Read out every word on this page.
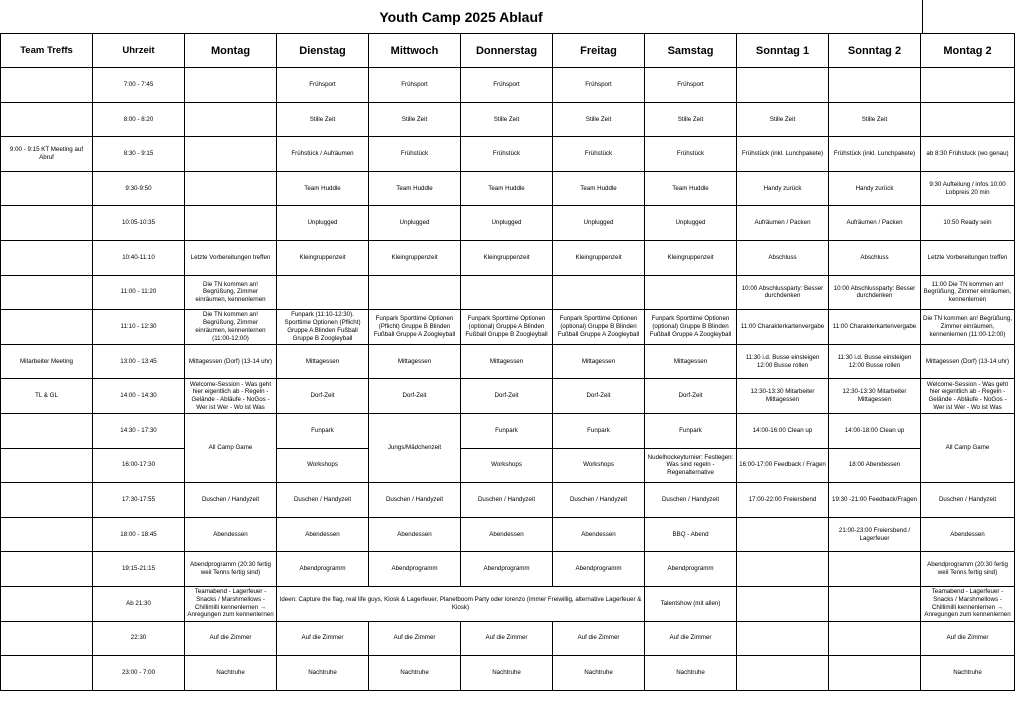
Youth Camp 2025 Ablauf
Team Treffs	Uhrzeit	Montag	Dienstag	Mittwoch	Donnerstag	Freitag	Samstag	Sonntag 1	Sonntag 2	Montag 2
	7:00 - 7:45		Frühsport	Frühsport	Frühsport	Frühsport	Frühsport			
	8:00 - 8:20		Stille Zeit	Stille Zeit	Stille Zeit	Stille Zeit	Stille Zeit	Stille Zeit	Stille Zeit	
9:00 - 9:15 KT Meeting auf Abruf	8:30 - 9:15		Frühstück / Aufräumen	Frühstück	Frühstück	Frühstück	Frühstück	Frühstück (inkl. Lunchpakete)	Frühstück (inkl. Lunchpakete)	ab 8:30 Frühstuck (wo genau)
	9:30-9:50		Team Huddle	Team Huddle	Team Huddle	Team Huddle	Team Huddle	Handy zurück	Handy zurück	9:30 Aufteilung / infos 10:00 Lobpreis 20 min
	10:05-10:35		Unplugged	Unplugged	Unplugged	Unplugged	Unplugged	Aufräumen / Packen	Aufräumen / Packen	10:50 Ready sein
	10:40-11:10	Letzte Vorbereitungen treffen	Kleingruppenzeit	Kleingruppenzeit	Kleingruppenzeit	Kleingruppenzeit	Kleingruppenzeit	Abschluss	Abschluss	Letzte Vorbereitungen treffen
	11:00 - 11:20	Die TN kommen an! Begrüßung, Zimmer einräumen, kennenlernen						10:00 Abschlussparty: Besser durchdenken	10:00 Abschlussparty: Besser durchdenken	11:00 Die TN kommen an! Begrüßung, Zimmer einräumen, kennenlernen
	11:10 - 12:30	Die TN kommen an! Begrüßung, Zimmer einräumen, kennenlernen (11:00-12:00)	Funpark (11:10-12:30). Sporttime Optionen (Pflicht) Gruppe A Blinden Fußball Gruppe B Zoogleyball	Funpark Sporttime Optionen (Pflicht) Gruppe B Blinden Fußball Gruppe A Zoogleyball	Funpark Sporttime Optionen (optional) Gruppe A Blinden Fußball Gruppe B Zoogleyball	Funpark Sporttime Optionen (optional) Gruppe B Blinden Fußball Gruppe A Zoogleyball	Funpark Sporttime Optionen (optional) Gruppe B Blinden Fußball Gruppe A Zoogleyball	11:00 Charakterkartenvergabe	11:00 Charakterkartenvergabe	Die TN kommen an! Begrüßung, Zimmer einräumen, kennenlernen (11:00-12:00)
Mitarbeiter Meeting	13:00 - 13:45	Mittagessen (Dorf) (13-14 uhr)	Mittagessen	Mittagessen	Mittagessen	Mittagessen	Mittagessen	11:30 i.d. Busse einsteigen 12:00 Busse rollen	11:30 i.d. Busse einsteigen 12:00 Busse rollen	Mittagessen (Dorf) (13-14 uhr)
TL & GL	14:00 - 14:30	Welcome-Session - Was geht hier eigentlich ab - Regeln - Gelände - Abläufe - NoGos - Wer ist Wer - Wo ist Was	Dorf-Zeit	Dorf-Zeit	Dorf-Zeit	Dorf-Zeit	Dorf-Zeit	12:30-13:30 Mitarbeiter Mittagessen	12:30-13:30 Mitarbeiter Mittagessen	Welcome-Session - Was geht hier eigentlich ab - Regeln - Gelände - Abläufe - NoGos - Wer ist Wer - Wo ist Was
	14:30 - 17:30	All Camp Game	Funpark	Jungs/Mädchenzeit	Funpark	Funpark	Funpark	14:00-16:00 Clean up	14:00-18:00 Clean up	All Camp Game
	16:00-17:30		Workshops		Workshops	Workshops	Nudelhockeyturnier: Festlegen: Was sind regeln - Regenalternative	16:00-17:00 Feedback / Fragen	18:00 Abendessen	
	17:30-17:55	Duschen / Handyzeit	Duschen / Handyzeit	Duschen / Handyzeit	Duschen / Handyzeit	Duschen / Handyzeit	Duschen / Handyzeit	17:00-22:00 Freiersbend	19:30 -21:00 Feedback/Fragen	Duschen / Handyzeit
	18:00 - 18:45	Abendessen	Abendessen	Abendessen	Abendessen	Abendessen	BBQ - Abend		21:00-23:00 Freiersbend / Lagerfeuer	Abendessen
	19:15-21:15	Abendprogramm (20:30 fertig weil Tenns fertig sind)	Abendprogramm	Abendprogramm	Abendprogramm	Abendprogramm	Abendprogramm			Abendprogramm (20:30 fertig weil Tenns fertig sind)
	Ab 21:30	Teamabend - Lagerfeuer - Snacks / Marshmellows - Chillimilli kennenlernen → Anregungen zum kennenlernen	Ideen: Capture the flag, real life guys, Kiosk & Lagerfeuer, Planetboom Party oder lorenzo (immer Freiwillig, alternative Lagerfeuer & Kiosk)				Talentshow (mit allen)			Teamabend - Lagerfeuer - Snacks / Marshmellows - Chillimilli kennenlernen → Anregungen zum kennenlernen
	22:30	Auf die Zimmer	Auf die Zimmer	Auf die Zimmer	Auf die Zimmer	Auf die Zimmer	Auf die Zimmer			Auf die Zimmer
	23:00 - 7:00	Nachtruhe	Nachtruhe	Nachtruhe	Nachtruhe	Nachtruhe	Nachtruhe			Nachtruhe
